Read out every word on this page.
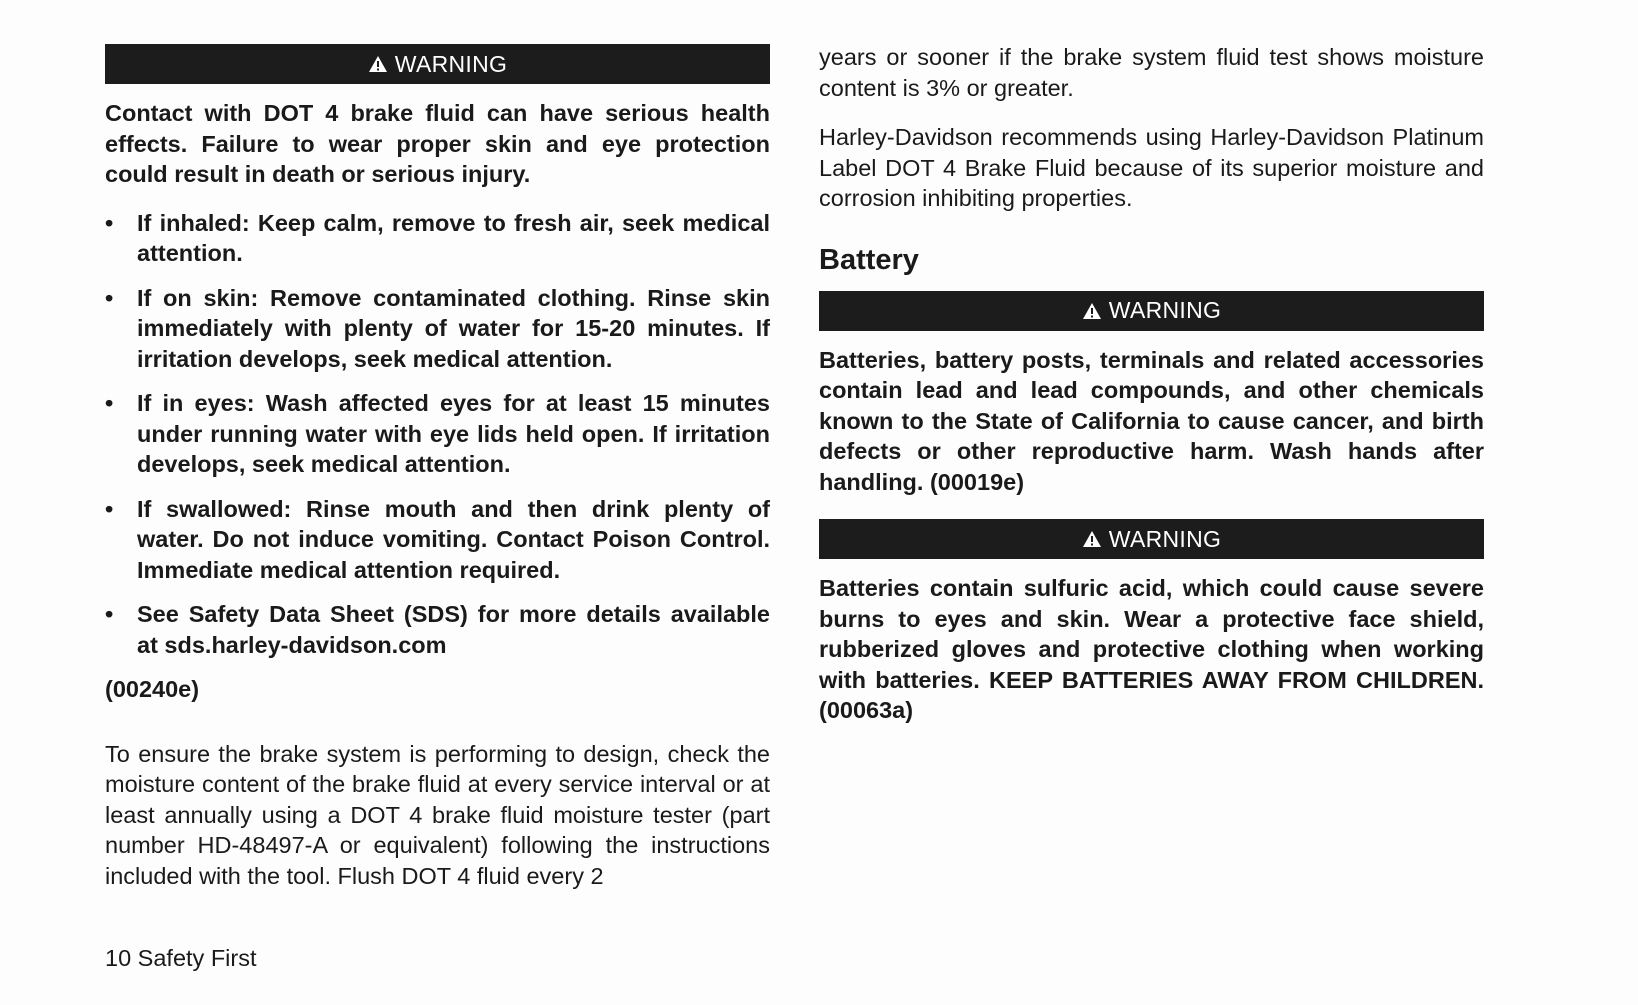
WARNING

Contact with DOT 4 brake fluid can have serious health effects. Failure to wear proper skin and eye protection could result in death or serious injury.

• If inhaled: Keep calm, remove to fresh air, seek medical attention.
• If on skin: Remove contaminated clothing. Rinse skin immediately with plenty of water for 15-20 minutes. If irritation develops, seek medical attention.
• If in eyes: Wash affected eyes for at least 15 minutes under running water with eye lids held open. If irritation develops, seek medical attention.
• If swallowed: Rinse mouth and then drink plenty of water. Do not induce vomiting. Contact Poison Control. Immediate medical attention required.
• See Safety Data Sheet (SDS) for more details available at sds.harley-davidson.com

(00240e)

To ensure the brake system is performing to design, check the moisture content of the brake fluid at every service interval or at least annually using a DOT 4 brake fluid moisture tester (part number HD-48497-A or equivalent) following the instructions included with the tool. Flush DOT 4 fluid every 2

years or sooner if the brake system fluid test shows moisture content is 3% or greater.

Harley-Davidson recommends using Harley-Davidson Platinum Label DOT 4 Brake Fluid because of its superior moisture and corrosion inhibiting properties.

Battery
WARNING

Batteries, battery posts, terminals and related accessories contain lead and lead compounds, and other chemicals known to the State of California to cause cancer, and birth defects or other reproductive harm. Wash hands after handling. (00019e)

WARNING

Batteries contain sulfuric acid, which could cause severe burns to eyes and skin. Wear a protective face shield, rubberized gloves and protective clothing when working with batteries. KEEP BATTERIES AWAY FROM CHILDREN. (00063a)

10 Safety First
